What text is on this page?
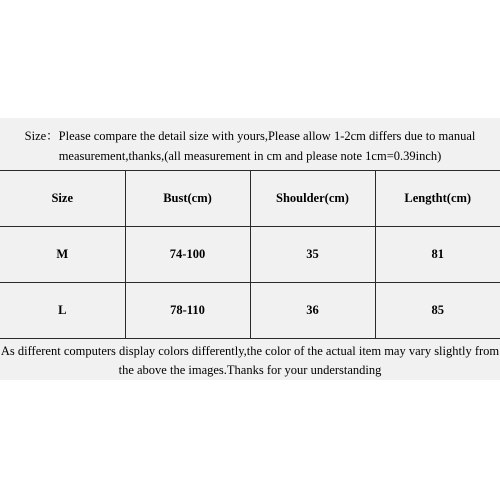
Size：Please compare the detail size with yours,Please allow 1-2cm differs due to manual
measurement,thanks,(all measurement in cm and please note 1cm=0.39inch)
Size	Bust(cm)	Shoulder(cm)	Lengtht(cm)
M	74-100	35	81
L	78-110	36	85
As different computers display colors differently,the color of the actual item may vary slightly from
the above the images.Thanks for your understanding
